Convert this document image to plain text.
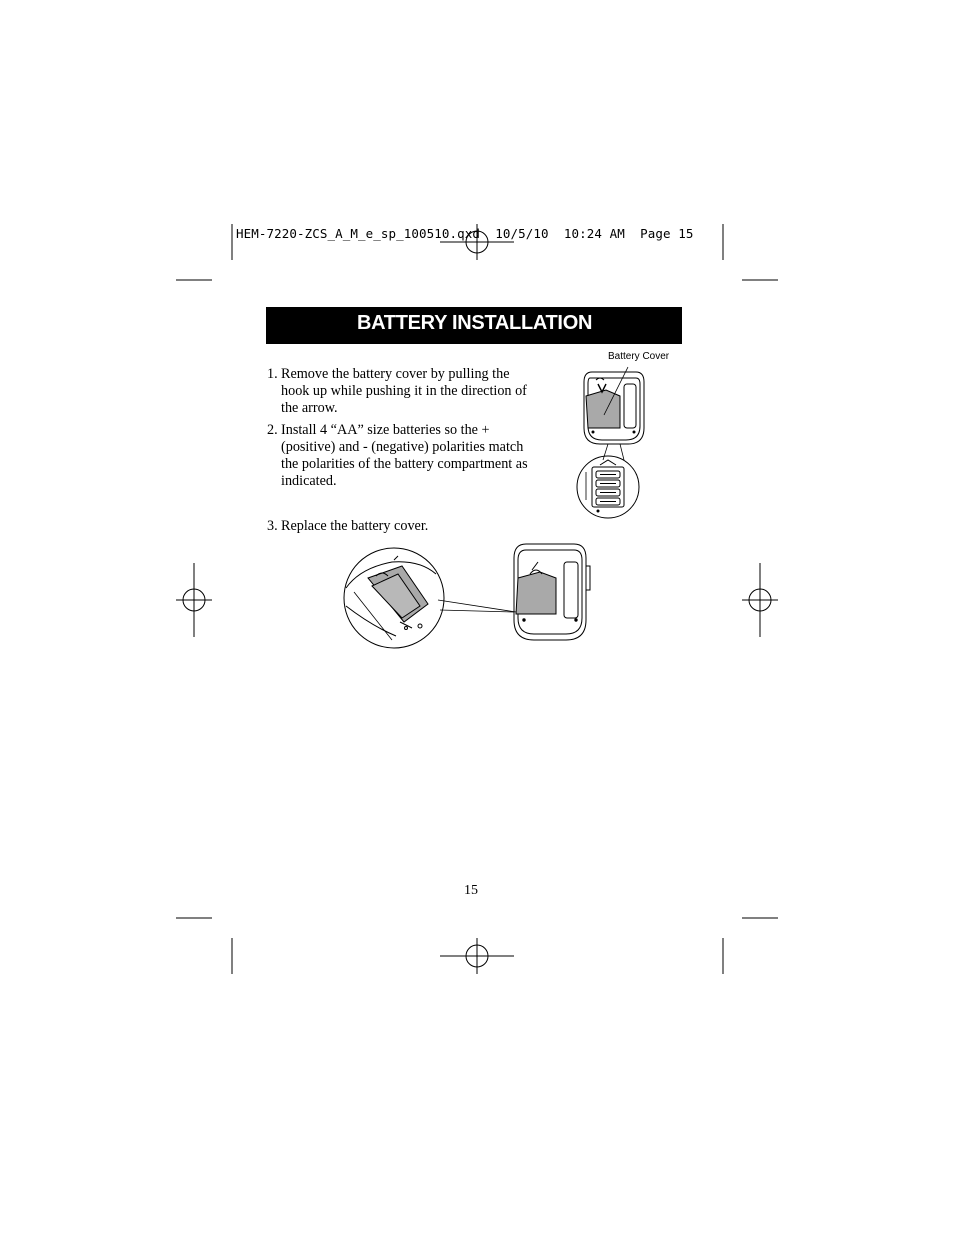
HEM-7220-ZCS_A_M_e_sp_100510.qxd  10/5/10  10:24 AM  Page 15
BATTERY INSTALLATION
1. Remove the battery cover by pulling the hook up while pushing it in the direction of the arrow.
2. Install 4 “AA” size batteries so the + (positive) and - (negative) polarities match the polarities of the battery compartment as indicated.
3. Replace the battery cover.
Battery Cover
15
